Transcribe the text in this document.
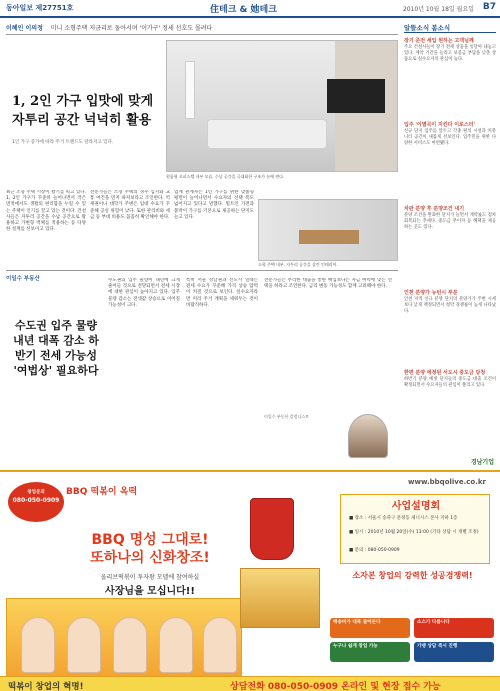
동아일보 제27751호	住테크 & 她테크	2010년 10월 18일 월요일 B7
이혜인 이의정 미니 소형주택 저금리로 돌아서며 '이가구' 정세 선호도 몰려다
1, 2인 가구 입맛에 맞게 자투리 공간 넉넉히 활용
1인 가구 증가에 따라 주거 트렌드도 달라지고 있다.
원룸형 오피스텔 내부 모습. 수납 공간을 극대화한 구조가 눈에 띈다.
최근 소형 주택 시장이 활기를 띠고 있다. 1, 2인 가구가 꾸준히 늘어나면서 작은 면적에서도 생활의 편리함을 누릴 수 있는 주택이 인기를 끌고 있는 것이다. 건설사들은 자투리 공간을 수납 공간으로 활용하고 가변형 벽체를 적용하는 등 다양한 설계를 선보이고 있다.
전문가들은 소형 주택의 경우 입지와 교통 여건을 먼저 따져보라고 조언한다. 역세권이나 대학가 주변은 임대 수요가 꾸준해 공실 위험이 낮다. 또한 관리비와 세금 등 부대 비용도 꼼꼼히 확인해야 한다.
업계 관계자는 1인 가구를 위한 맞춤형 평면이 늘어나면서 수요자의 선택 폭도 넓어지고 있다고 말했다. 빌트인 가전과 붙박이 가구를 기본으로 제공하는 단지도 늘고 있다.
소형 주택 내부. 자투리 공간을 살린 인테리어.
이일수 부동산
수도권 입주 물량 내년 대폭 감소 하반기 전세 가능성 '여법상' 필요하다
수도권의 입주 물량이 내년에 크게 줄어들 것으로 전망되면서 전세 시장에 대한 관심이 높아지고 있다. 입주 물량 감소는 전셋값 상승으로 이어질 가능성이 크다.
특히 서울 강남권과 신도시 일대는 전세 수요가 꾸준해 가격 상승 압력이 커질 것으로 보인다. 실수요자라면 미리 주거 계획을 세워두는 것이 바람직하다.
전문가들은 무리한 대출을 통한 매입보다는 자금 여력에 맞는 선택을 하라고 조언한다. 금리 변동 가능성도 함께 고려해야 한다.
이일수 부동산 칼럼니스트
알뜰소식 봄소식
장기 준전 세입 원하는 고객님께
주요 건설사들이 장기 전세 상품을 잇달아 내놓고 있다. 계약 기간을 늘리고 보증금 부담을 낮춘 상품으로 실수요자의 관심이 높다.
입주 '이별곡이 지킨다 이로스터'
신규 단지 입주를 앞두고 각종 편의 시설과 커뮤니티 공간이 새롭게 선보인다. 입주민을 위한 다양한 서비스도 마련됐다.
차판 분양 후 분양조건 내기
분양 조건을 완화한 단지가 늘면서 계약률도 점차 회복되는 추세다. 중도금 무이자 등 혜택을 제공하는 곳도 있다.
인천 분양가 뉴턴시 부분
인천 지역 신규 분양 단지의 분양가가 주변 시세보다 낮게 책정되면서 청약 경쟁률이 높게 나타났다.
한편 분양 에정된 서도시 중도금 당청
하반기 분양 예정 단지들의 중도금 대출 조건이 확정되면서 수요자들의 관심이 쏠리고 있다.
경남기업
창업문의
080-050-0909
BBQ 떡볶이 옥떡
www.bbqolive.co.kr
BBQ 명성 그대로!
또하나의 신화창조!
올리브떡볶이 투자왕 모델에 참여하실
사장님을 모십니다!!
사업설명회
■ 장소 : 서울시 송파구 문정동 제너시스 본사 지하 1층
■ 일시 : 2010년 10월 20일(수) 13:00 (기타 상담 시 개별 조정)
■ 문의 : 080-050-0909
소자본 창업의 강력한 성공경쟁력!
배송비가 대폭 줄어든다	소스가 다릅니다
누구나 쉽게 창업 가능	가맹 상담 즉시 진행
떡볶이 창업의 혁명!	상담전화 080-050-0909 온라인 및 현장 접수 가능
